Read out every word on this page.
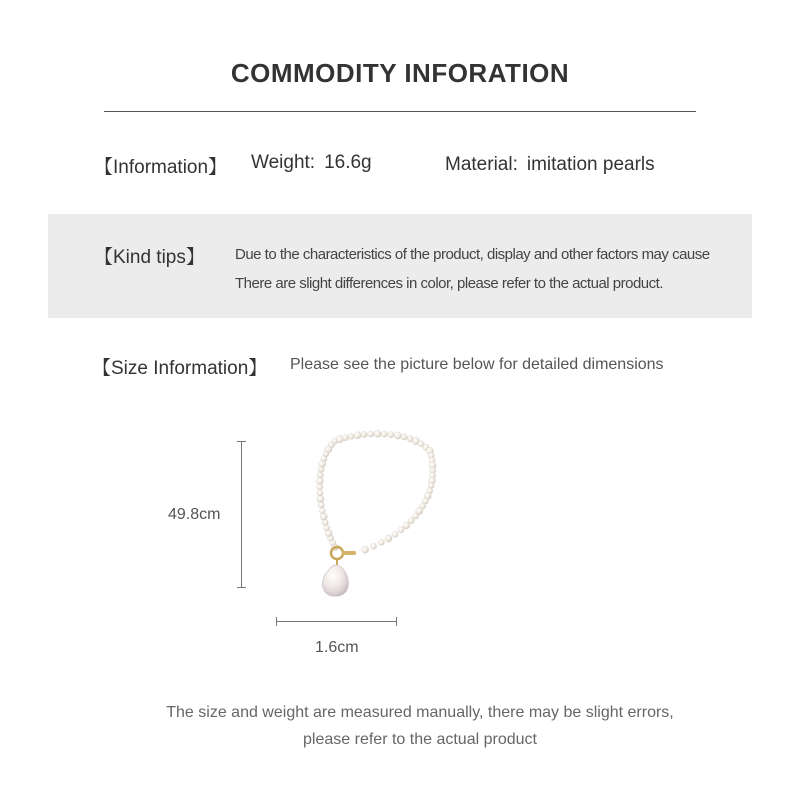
COMMODITY INFORATION
【Information】 Weight: 16.6g	Material: imitation pearls
【Kind tips】 Due to the characteristics of the product, display and other factors may cause
There are slight differences in color, please refer to the actual product.
【Size Information】 Please see the picture below for detailed dimensions
49.8cm
1.6cm
The size and weight are measured manually, there may be slight errors,
please refer to the actual product
